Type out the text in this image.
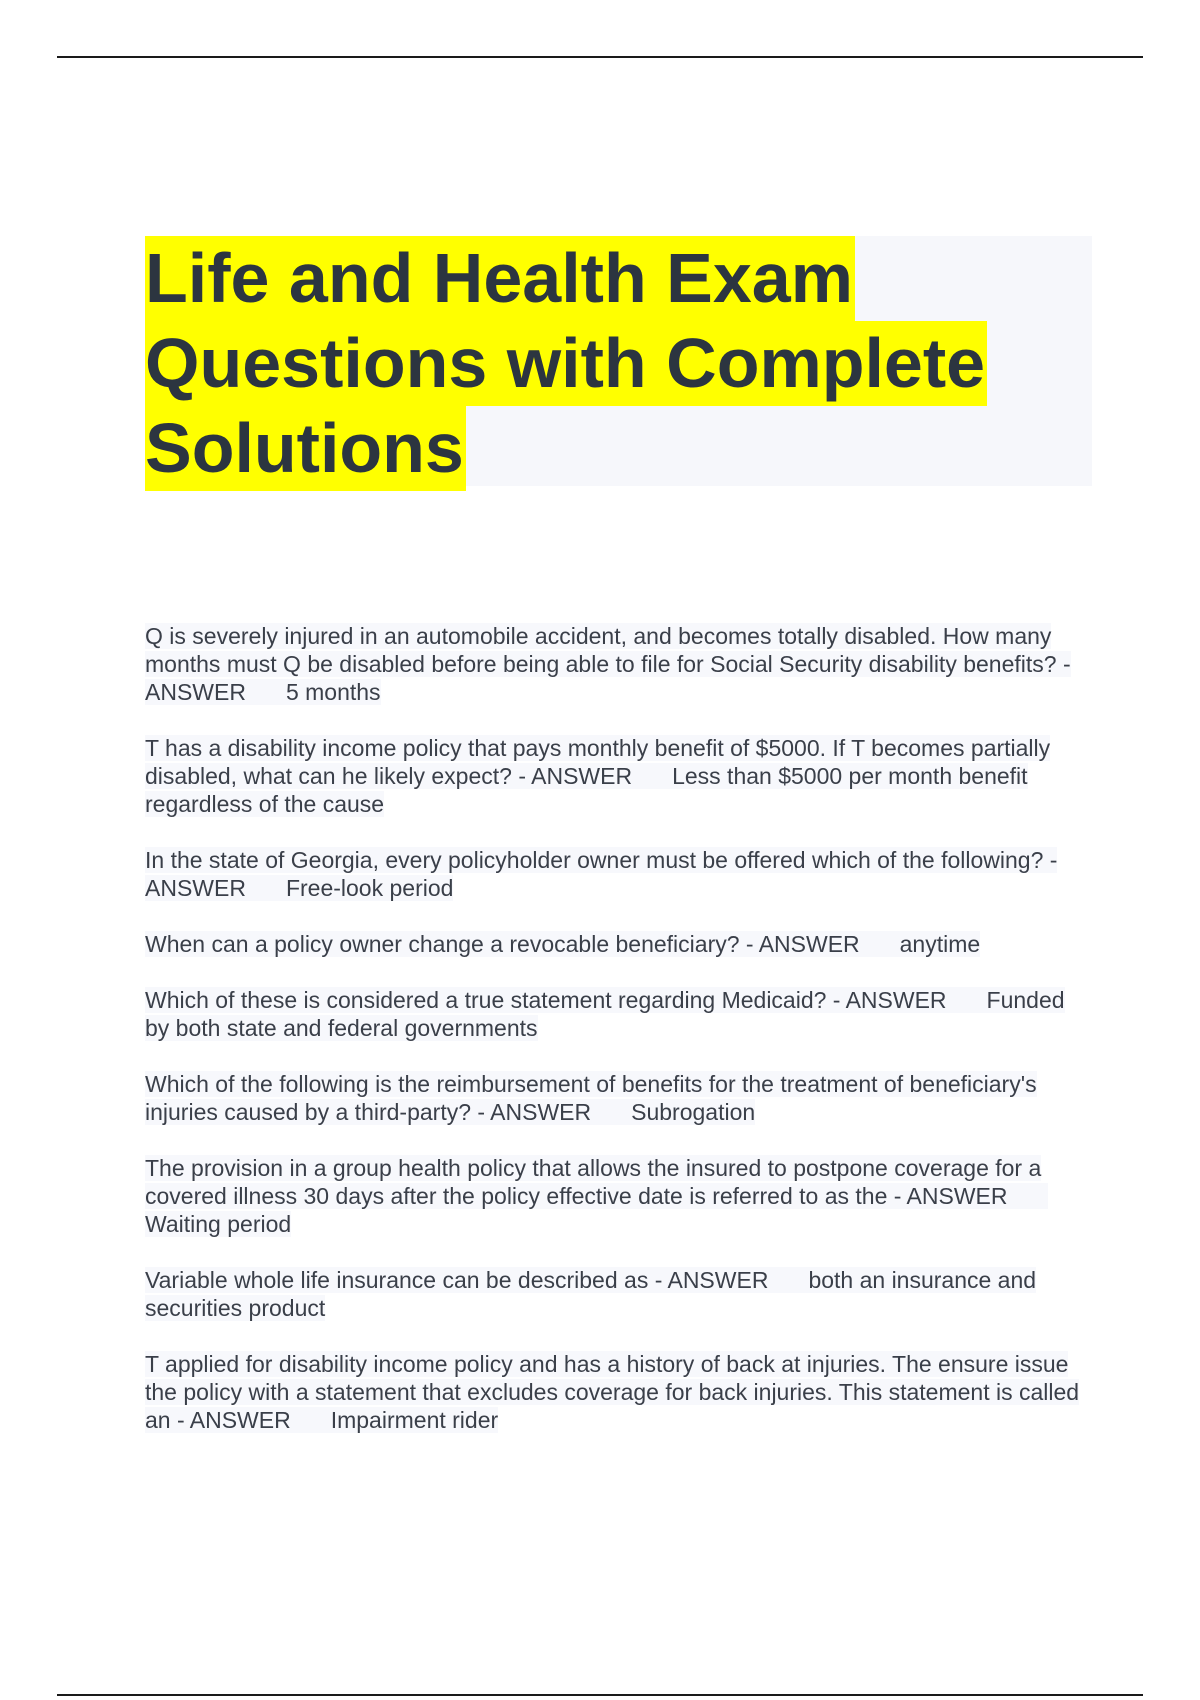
Life and Health Exam
Questions with Complete
Solutions
Q is severely injured in an automobile accident, and becomes totally disabled. How many months must Q be disabled before being able to file for Social Security disability benefits? - ANSWER 5 months
T has a disability income policy that pays monthly benefit of $5000. If T becomes partially disabled, what can he likely expect? - ANSWER Less than $5000 per month benefit regardless of the cause
In the state of Georgia, every policyholder owner must be offered which of the following? - ANSWER Free-look period
When can a policy owner change a revocable beneficiary? - ANSWER anytime
Which of these is considered a true statement regarding Medicaid? - ANSWER Funded by both state and federal governments
Which of the following is the reimbursement of benefits for the treatment of beneficiary's injuries caused by a third-party? - ANSWER Subrogation
The provision in a group health policy that allows the insured to postpone coverage for a covered illness 30 days after the policy effective date is referred to as the - ANSWERWaiting period
Variable whole life insurance can be described as - ANSWER both an insurance and securities product
T applied for disability income policy and has a history of back at injuries. The ensure issue the policy with a statement that excludes coverage for back injuries. This statement is called an - ANSWER Impairment rider
